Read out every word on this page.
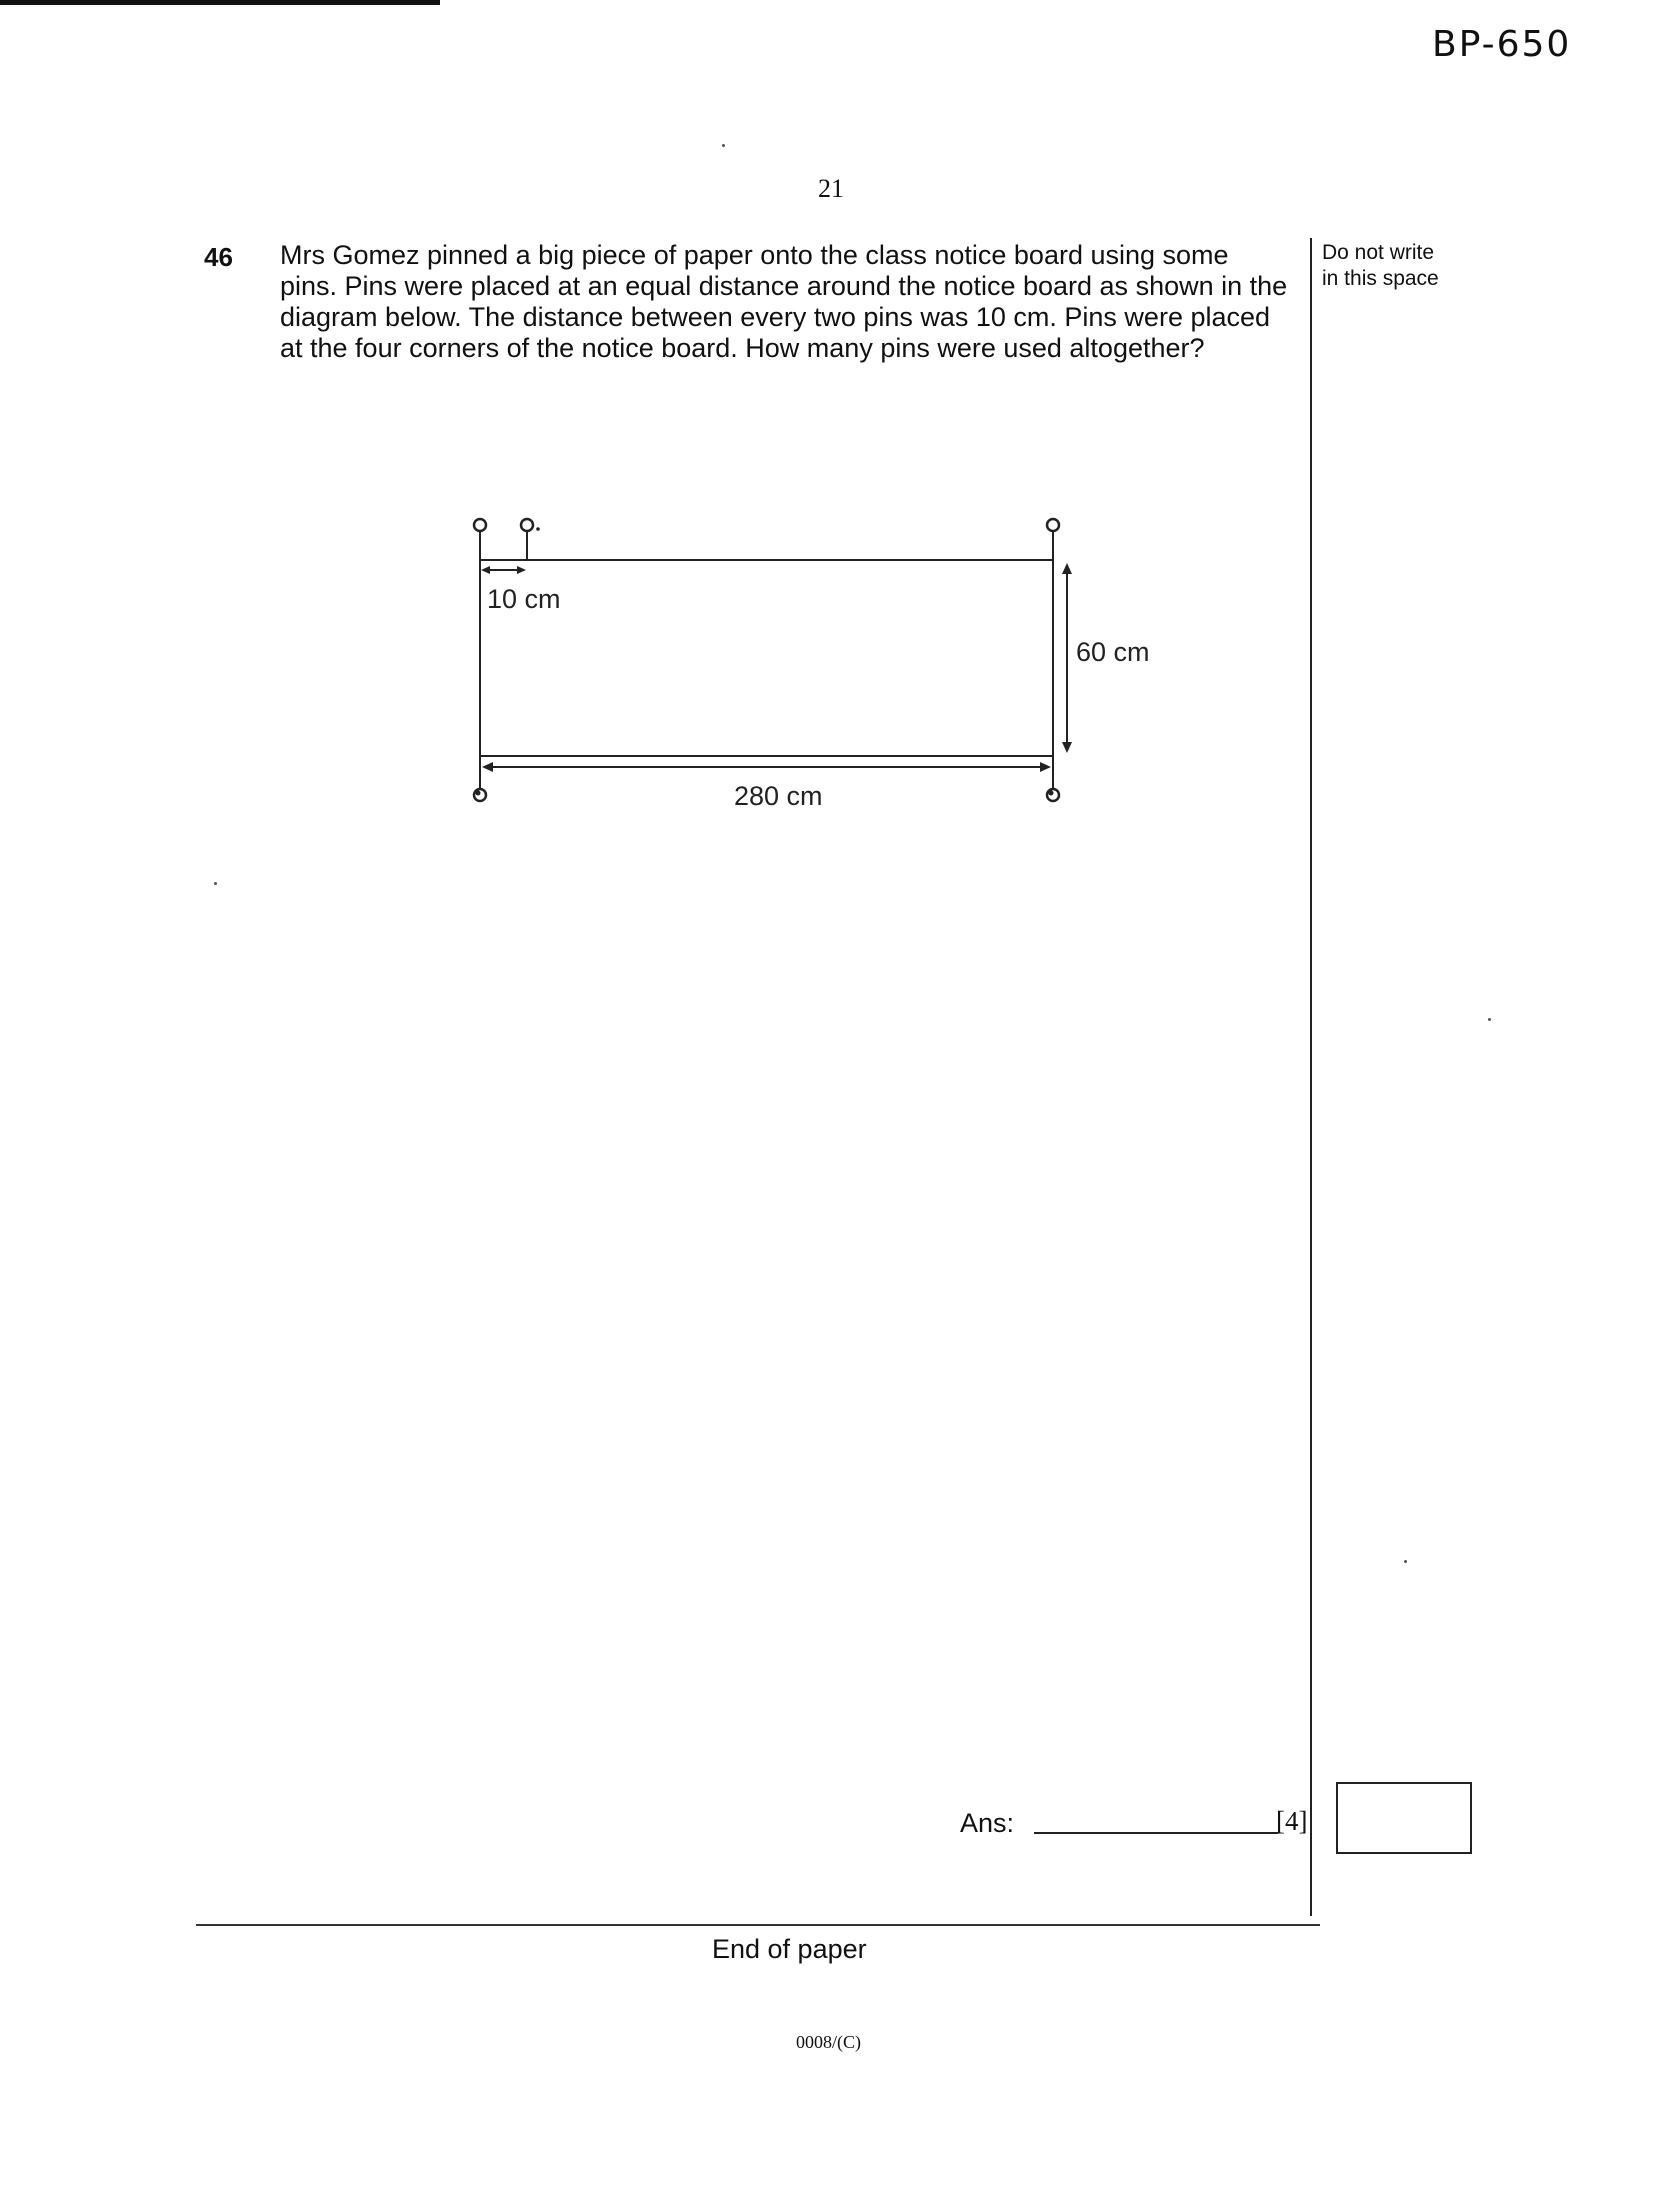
BP-650
21
46 Mrs Gomez pinned a big piece of paper onto the class notice board using some pins. Pins were placed at an equal distance around the notice board as shown in the diagram below. The distance between every two pins was 10 cm. Pins were placed at the four corners of the notice board. How many pins were used altogether?
Do not write
in this space
10 cm
60 cm
280 cm
Ans:	[4]
End of paper
0008/(C)
